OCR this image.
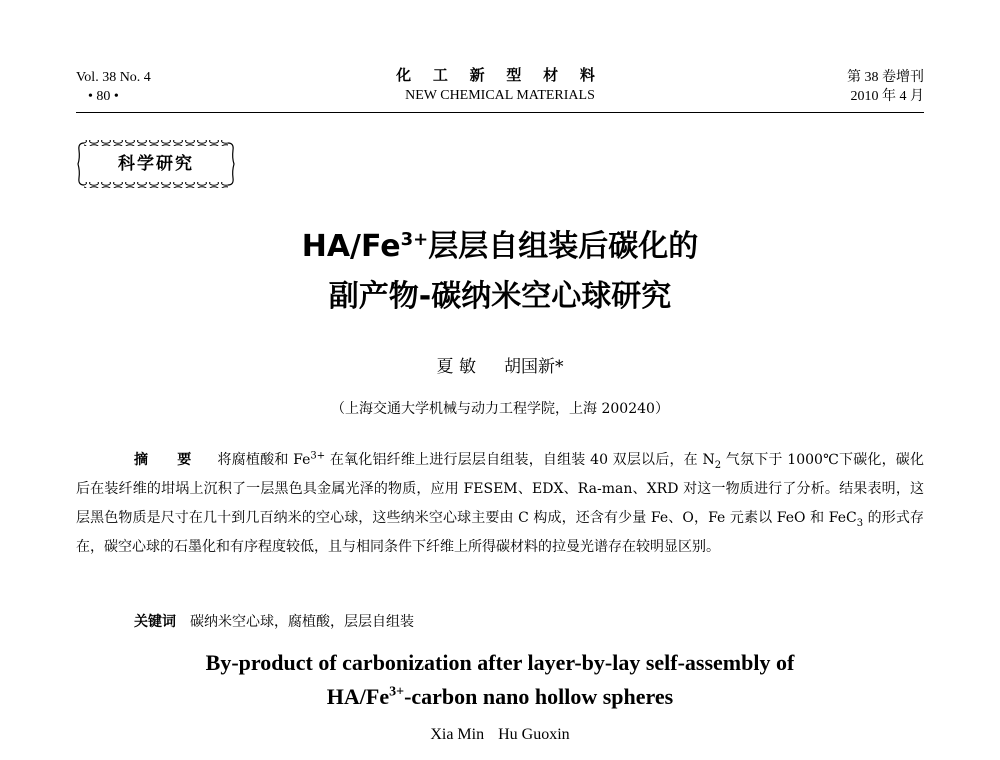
Vol. 38 No. 4
• 80 •
化 工 新 型 材 料
NEW CHEMICAL MATERIALS
第 38 卷增刊
2010 年 4 月
科学研究
$HA/Fe^{3+}$层层自组装后碳化的
副产物-碳纳米空心球研究
夏 敏 胡国新*
（上海交通大学机械与动力工程学院，上海 200240）
摘 要 将腐植酸和 $Fe^{3+}$ 在氧化铝纤维上进行层层自组装，自组装 40 双层以后，在 $N_2$ 气氛下于 1000℃下碳化，碳化后在装纤维的坩埚上沉积了一层黑色具金属光泽的物质，应用 FESEM、EDX、Ra-man、XRD 对这一物质进行了分析。结果表明，这层黑色物质是尺寸在几十到几百纳米的空心球，这些纳米空心球主要由 C 构成，还含有少量 Fe、O，Fe 元素以 FeO 和 FeC$_3$ 的形式存在，碳空心球的石墨化和有序程度较低，且与相同条件下纤维上所得碳材料的拉曼光谱存在较明显区别。
关键词 碳纳米空心球，腐植酸，层层自组装
By-product of carbonization after layer-by-lay self-assembly of
$HA/Fe^{3+}$-carbon nano hollow spheres
Xia Min Hu Guoxin
